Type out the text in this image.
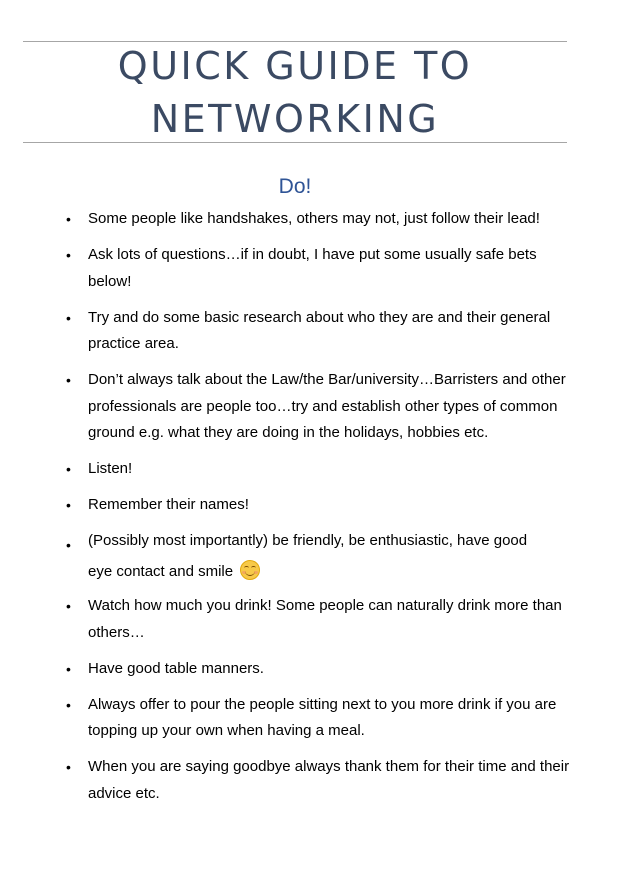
QUICK GUIDE TO
NETWORKING
Do!
• Some people like handshakes, others may not, just follow their lead!
• Ask lots of questions…if in doubt, I have put some usually safe bets below!
• Try and do some basic research about who they are and their general practice area.
• Don’t always talk about the Law/the Bar/university…Barristers and other professionals are people too…try and establish other types of common ground e.g. what they are doing in the holidays, hobbies etc.
• Listen!
• Remember their names!
• (Possibly most importantly) be friendly, be enthusiastic, have good
eye contact and smile
• Watch how much you drink! Some people can naturally drink more than others…
• Have good table manners.
• Always offer to pour the people sitting next to you more drink if you are topping up your own when having a meal.
• When you are saying goodbye always thank them for their time and their advice etc.
